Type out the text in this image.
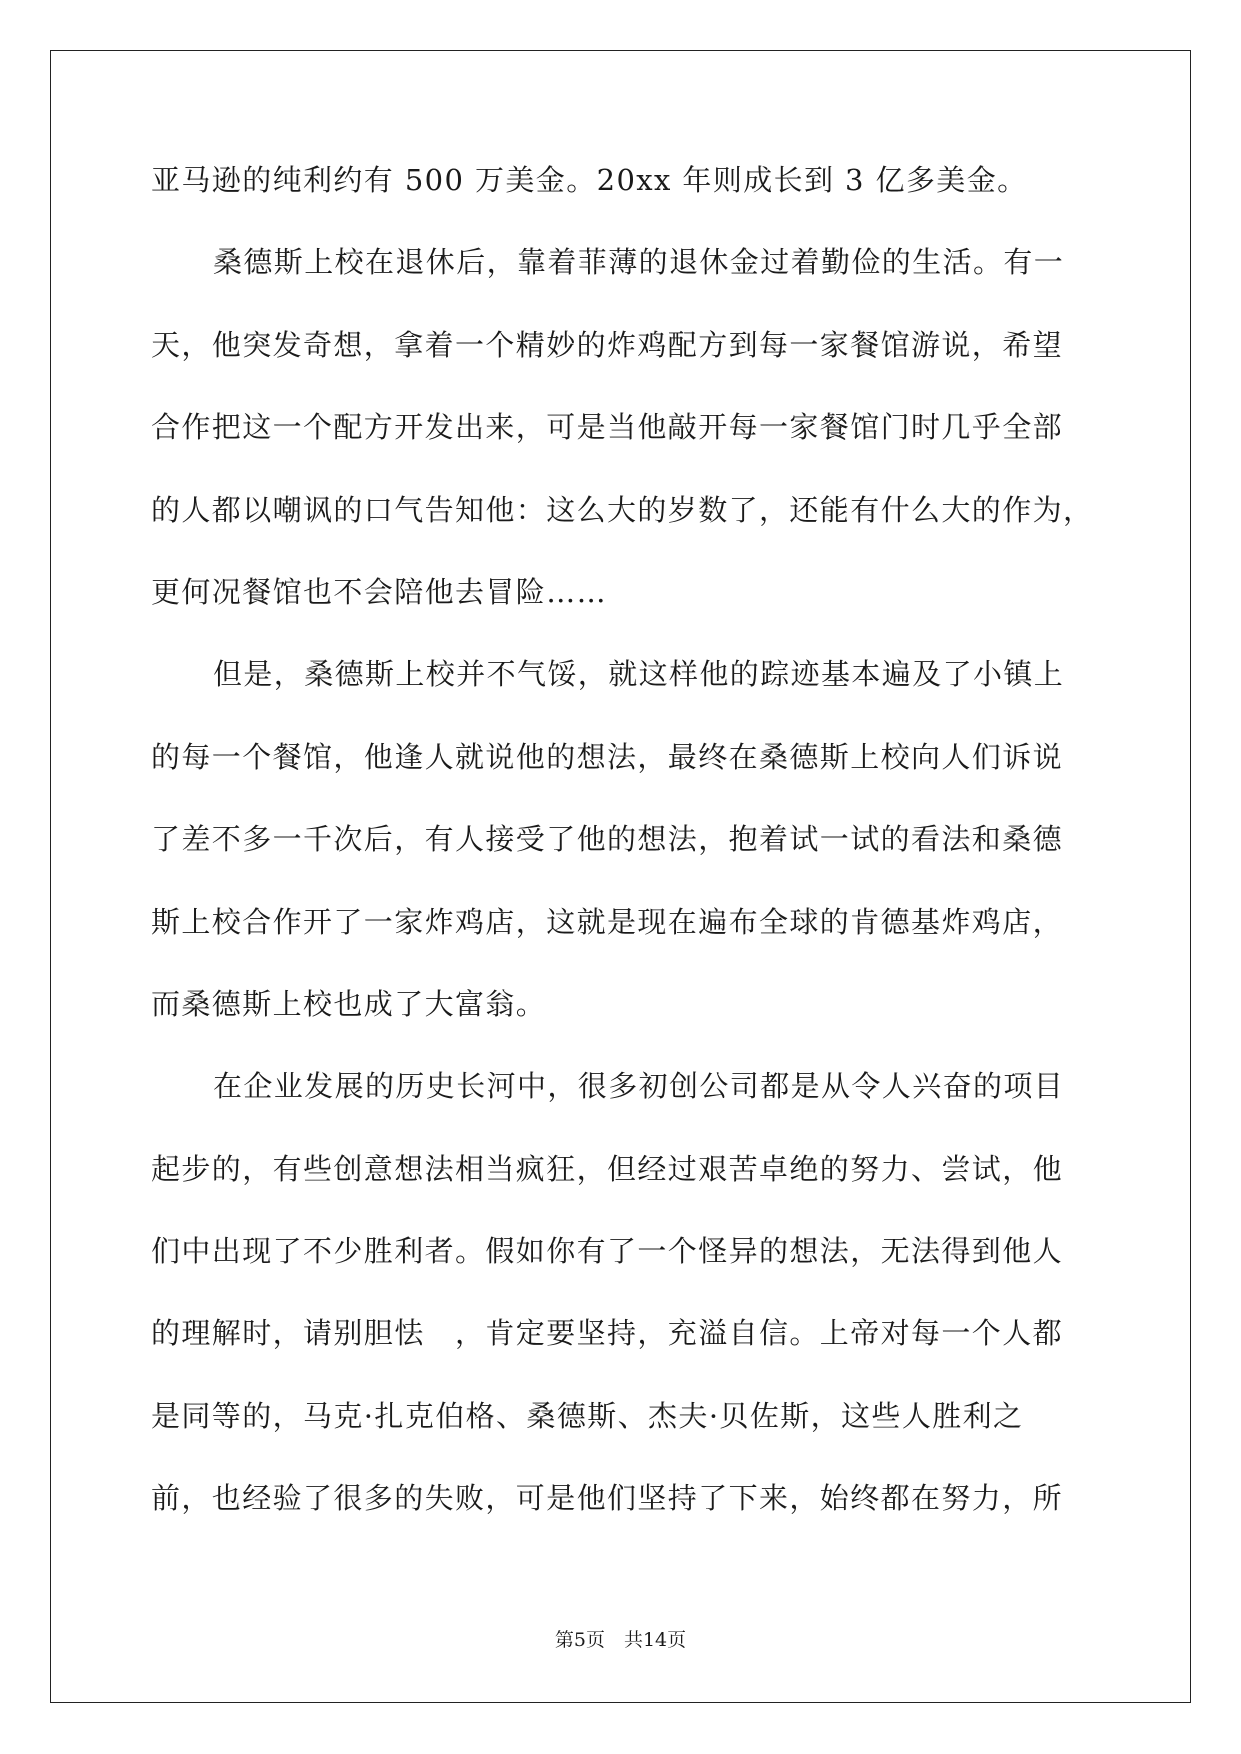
亚马逊的纯利约有 500 万美金。20xx 年则成长到 3 亿多美金。
桑德斯上校在退休后，靠着菲薄的退休金过着勤俭的生活。有一
天，他突发奇想，拿着一个精妙的炸鸡配方到每一家餐馆游说，希望
合作把这一个配方开发出来，可是当他敲开每一家餐馆门时几乎全部
的人都以嘲讽的口气告知他：这么大的岁数了，还能有什么大的作为，
更何况餐馆也不会陪他去冒险……
但是，桑德斯上校并不气馁，就这样他的踪迹基本遍及了小镇上
的每一个餐馆，他逢人就说他的想法，最终在桑德斯上校向人们诉说
了差不多一千次后，有人接受了他的想法，抱着试一试的看法和桑德
斯上校合作开了一家炸鸡店，这就是现在遍布全球的肯德基炸鸡店，
而桑德斯上校也成了大富翁。
在企业发展的历史长河中，很多初创公司都是从令人兴奋的项目
起步的，有些创意想法相当疯狂，但经过艰苦卓绝的努力、尝试，他
们中出现了不少胜利者。假如你有了一个怪异的想法，无法得到他人
的理解时，请别胆怯　，肯定要坚持，充溢自信。上帝对每一个人都
是同等的，马克·扎克伯格、桑德斯、杰夫·贝佐斯，这些人胜利之
前，也经验了很多的失败，可是他们坚持了下来，始终都在努力，所
第5页　共14页
